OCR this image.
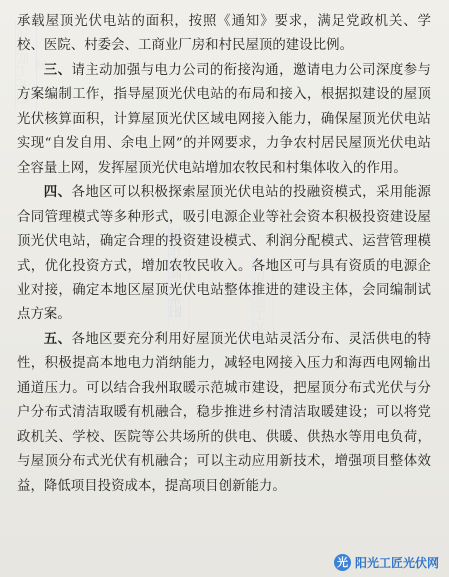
阳光工匠光伏网	阳光工匠光伏网
阳光工匠光伏网

承载屋顶光伏电站的面积，按照《通知》要求，满足党政机关、学校、医院、村委会、工商业厂房和村民屋顶的建设比例。

三、请主动加强与电力公司的衔接沟通，邀请电力公司深度参与方案编制工作，指导屋顶光伏电站的布局和接入，根据拟建设的屋顶光伏核算面积，计算屋顶光伏区域电网接入能力，确保屋顶光伏电站实现“自发自用、余电上网”的并网要求，力争农村居民屋顶光伏电站全容量上网，发挥屋顶光伏电站增加农牧民和村集体收入的作用。

四、各地区可以积极探索屋顶光伏电站的投融资模式，采用能源合同管理模式等多种形式，吸引电源企业等社会资本积极投资建设屋顶光伏电站，确定合理的投资建设模式、利润分配模式、运营管理模式，优化投资方式，增加农牧民收入。各地区可与具有资质的电源企业对接，确定本地区屋顶光伏电站整体推进的建设主体，会同编制试点方案。

五、各地区要充分利用好屋顶光伏电站灵活分布、灵活供电的特性，积极提高本地电力消纳能力，减轻电网接入压力和海西电网输出通道压力。可以结合我州取暖示范城市建设，把屋顶分布式光伏与分户分布式清洁取暖有机融合，稳步推进乡村清洁取暖建设；可以将党政机关、学校、医院等公共场所的供电、供暖、供热水等用电负荷，与屋顶分布式光伏有机融合；可以主动应用新技术，增强项目整体效益，降低项目投资成本，提高项目创新能力。

光 阳光工匠光伏网
